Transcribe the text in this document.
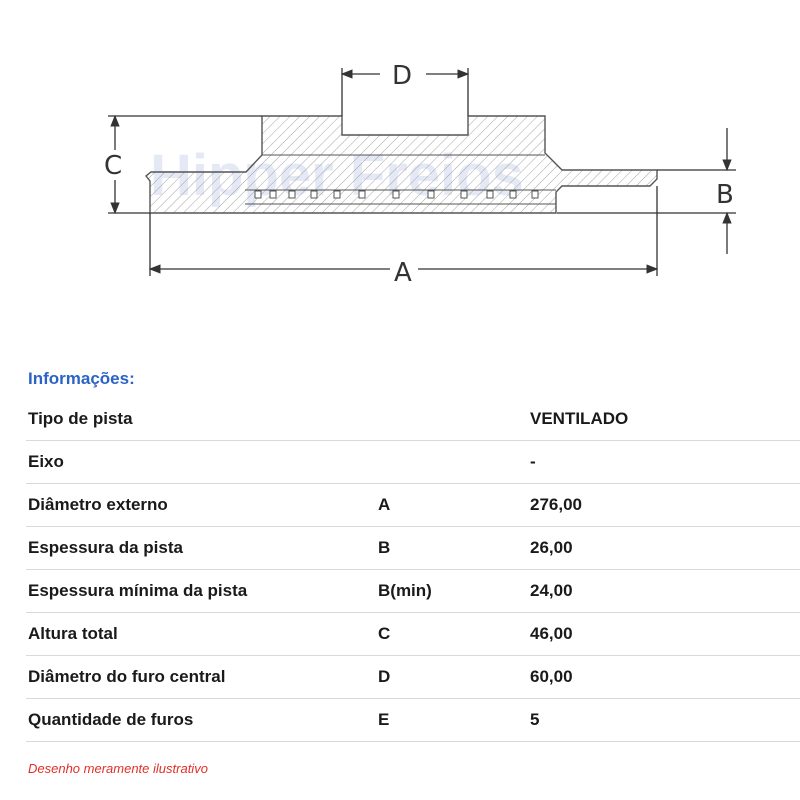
D
C
B
A
Informações:
Tipo de pista		VENTILADO
Eixo		-
Diâmetro externo	A	276,00
Espessura da pista	B	26,00
Espessura mínima da pista	B(min)	24,00
Altura total	C	46,00
Diâmetro do furo central	D	60,00
Quantidade de furos	E	5
Desenho meramente ilustrativo
